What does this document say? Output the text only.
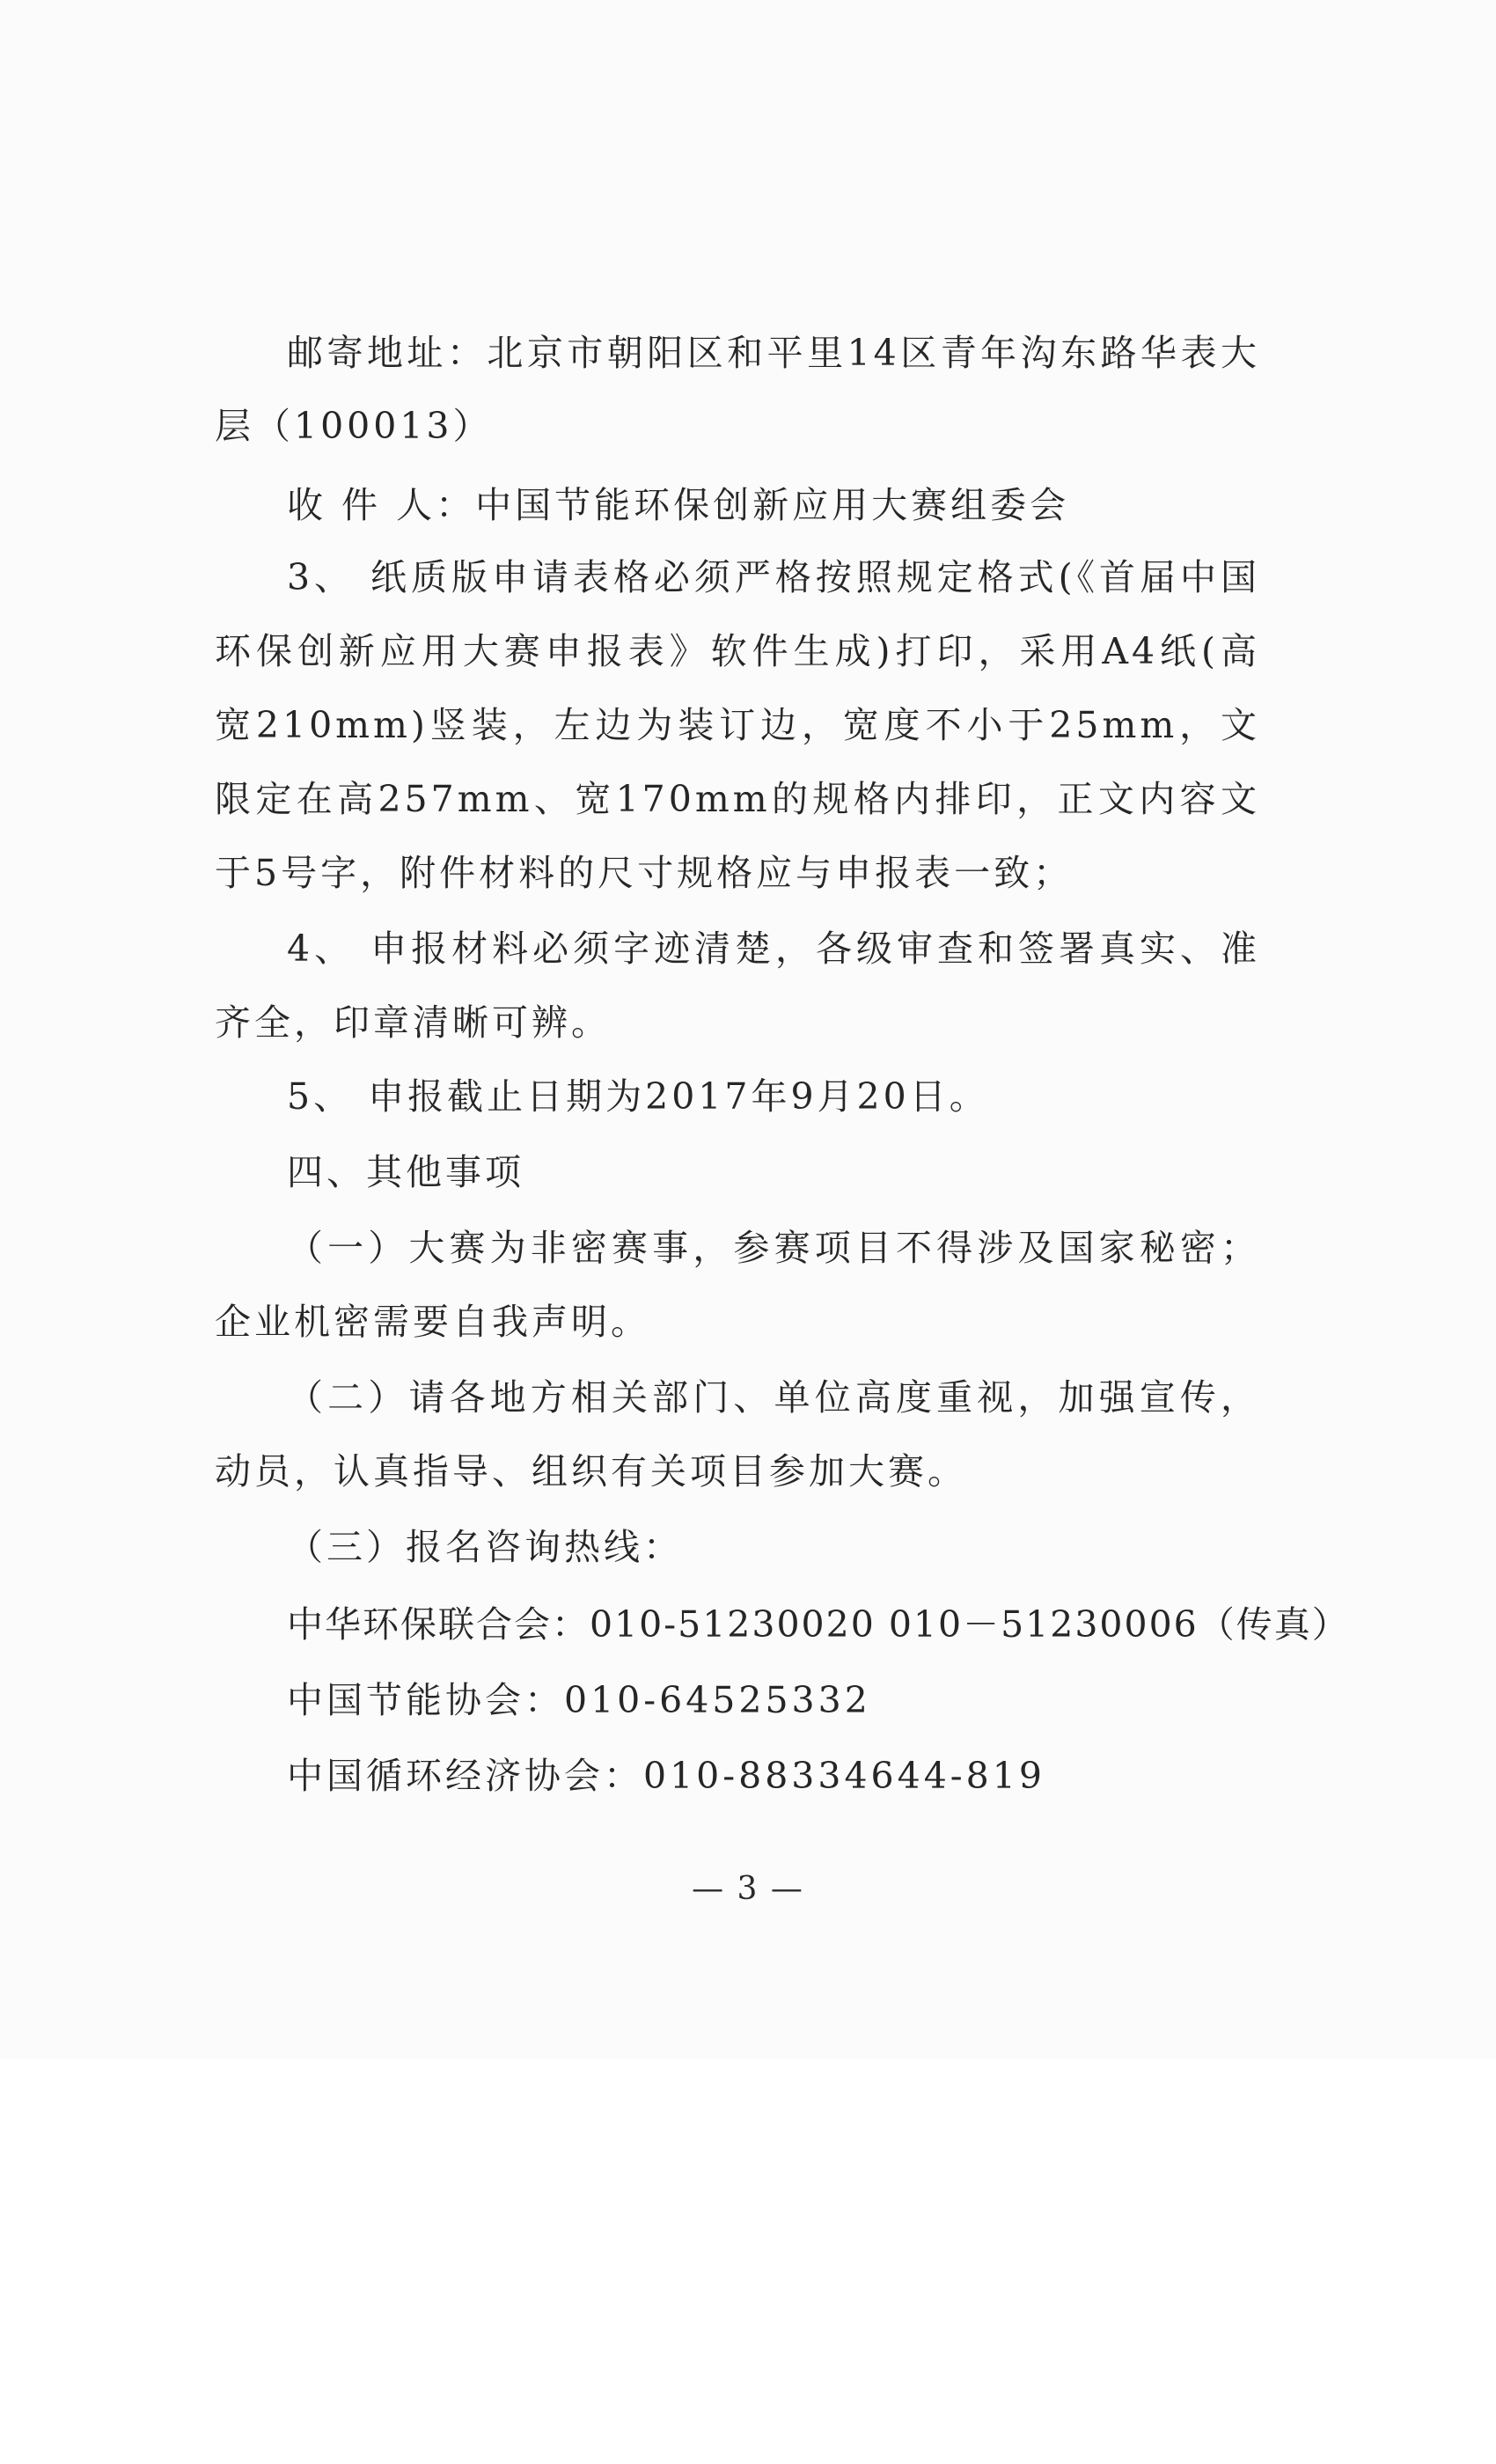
邮寄地址：北京市朝阳区和平里14区青年沟东路华表大
层（100013）
收 件 人：中国节能环保创新应用大赛组委会
3、 纸质版申请表格必须严格按照规定格式(《首届中国
环保创新应用大赛申报表》软件生成)打印，采用A4纸(高
宽210mm)竖装，左边为装订边，宽度不小于25mm，文
限定在高257mm、宽170mm的规格内排印，正文内容文
于5号字，附件材料的尺寸规格应与申报表一致；
4、 申报材料必须字迹清楚，各级审查和签署真实、准
齐全，印章清晰可辨。
5、 申报截止日期为2017年9月20日。
四、其他事项
（一）大赛为非密赛事，参赛项目不得涉及国家秘密；
企业机密需要自我声明。
（二）请各地方相关部门、单位高度重视，加强宣传，
动员，认真指导、组织有关项目参加大赛。
（三）报名咨询热线：
中华环保联合会：010-51230020 010－51230006（传真）
中国节能协会：010-64525332
中国循环经济协会：010-88334644-819
— 3 —
